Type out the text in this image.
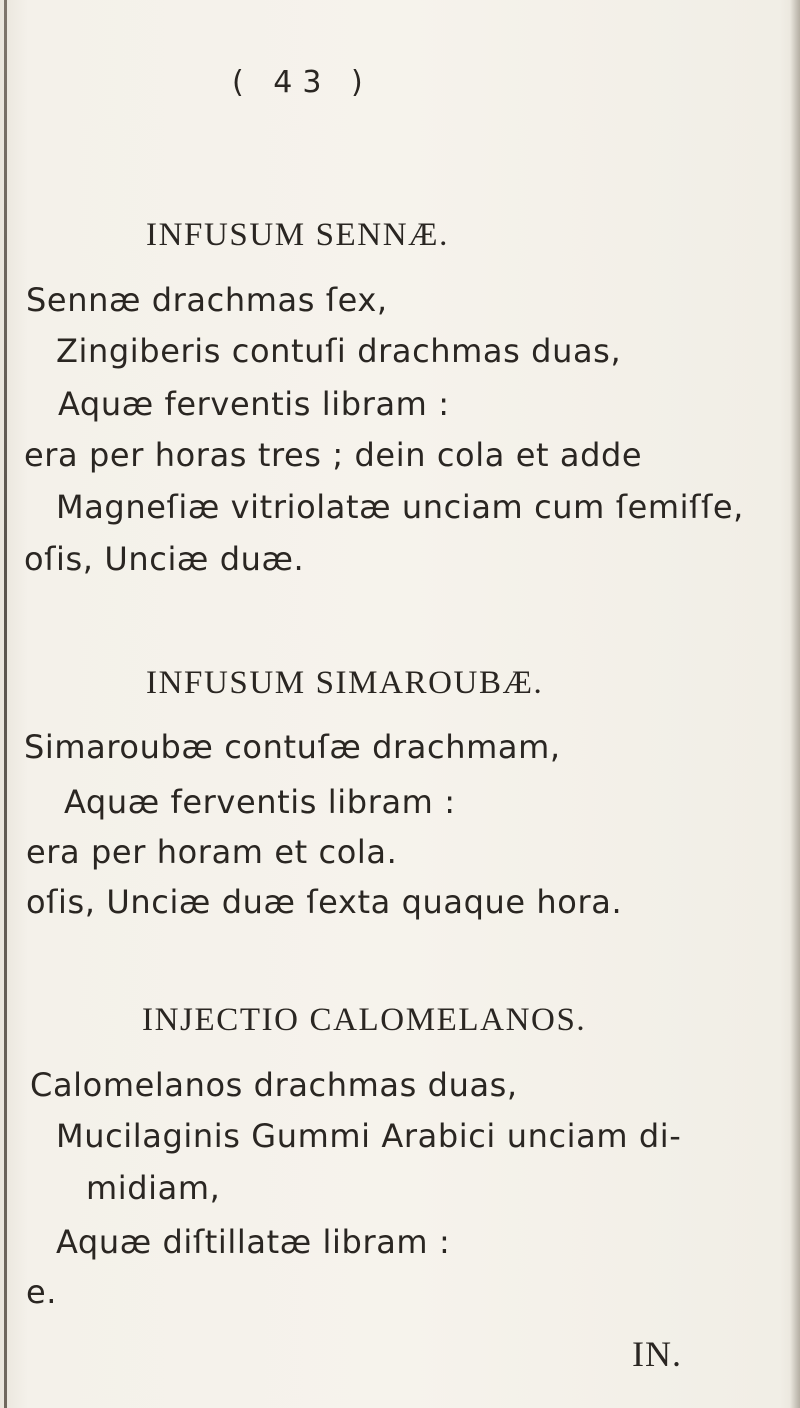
( 43 )
INFUSUM SENNÆ.
Sennæ drachmas ſex,
Zingiberis contuſi drachmas duas,
Aquæ ferventis libram :
era per horas tres ; dein cola et adde
Magneſiæ vitriolatæ unciam cum ſemiſſe,
oſis, Unciæ duæ.
INFUSUM SIMAROUBÆ.
Simaroubæ contuſæ drachmam,
Aquæ ferventis libram :
era per horam et cola.
oſis, Unciæ duæ ſexta quaque hora.
INJECTIO CALOMELANOS.
Calomelanos drachmas duas,
Mucilaginis Gummi Arabici unciam di-
midiam,
Aquæ diſtillatæ libram :
e.
IN.
